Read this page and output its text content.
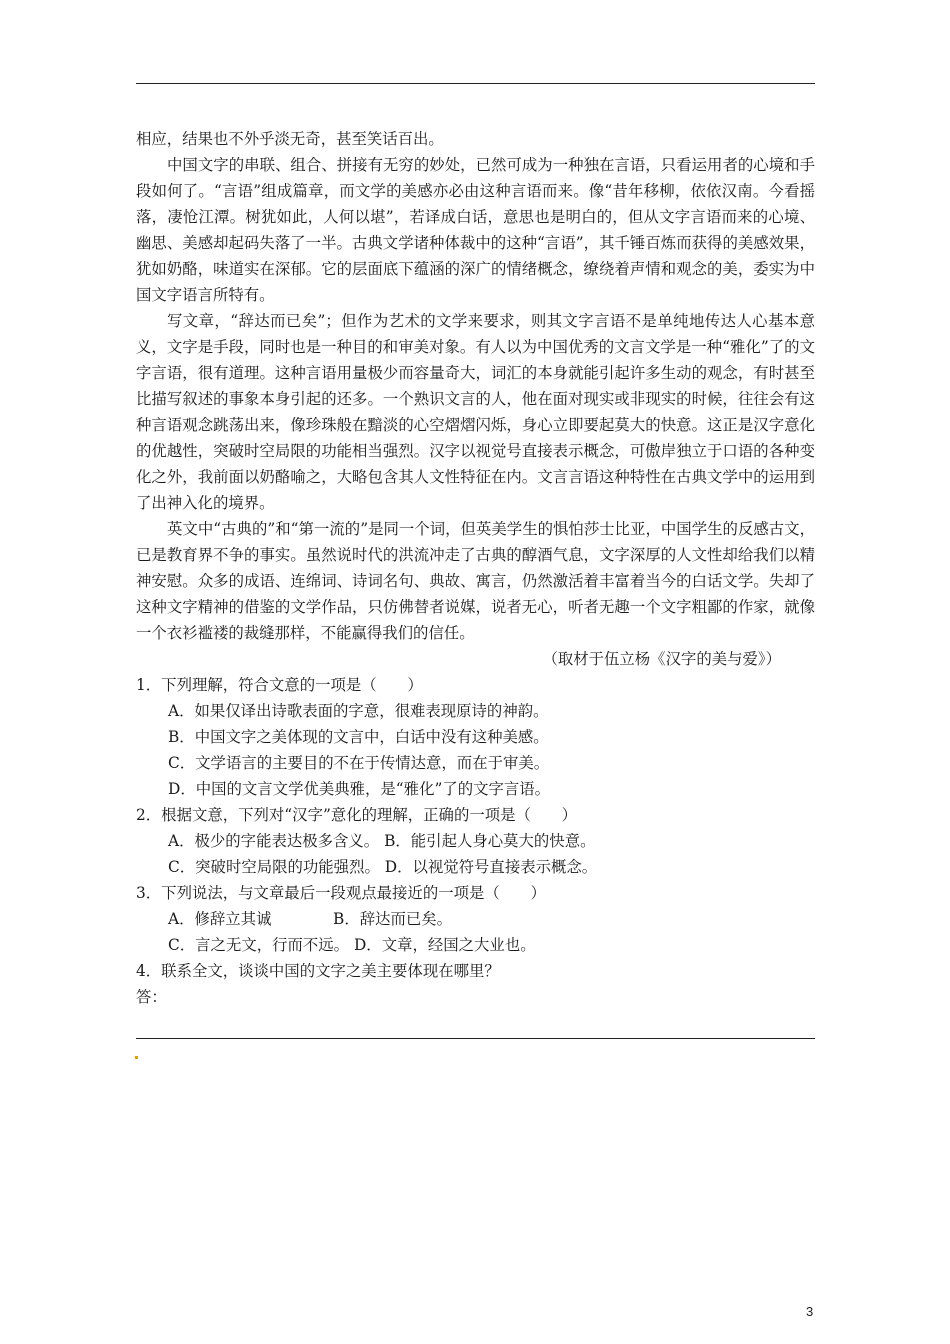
相应，结果也不外乎淡无奇，甚至笑话百出。

中国文字的串联、组合、拼接有无穷的妙处，已然可成为一种独在言语，只看运用者的心境和手段如何了。“言语”组成篇章，而文学的美感亦必由这种言语而来。像“昔年移柳，依依汉南。今看摇落，凄怆江潭。树犹如此，人何以堪”，若译成白话，意思也是明白的，但从文字言语而来的心境、幽思、美感却起码失落了一半。古典文学诸种体裁中的这种“言语”，其千锤百炼而获得的美感效果，犹如奶酪，味道实在深郁。它的层面底下蕴涵的深广的情绪概念，缭绕着声情和观念的美，委实为中国文字语言所特有。

写文章，“辞达而已矣”；但作为艺术的文学来要求，则其文字言语不是单纯地传达人心基本意义，文字是手段，同时也是一种目的和审美对象。有人以为中国优秀的文言文学是一种“雅化”了的文字言语，很有道理。这种言语用量极少而容量奇大，词汇的本身就能引起许多生动的观念，有时甚至比描写叙述的事象本身引起的还多。一个熟识文言的人，他在面对现实或非现实的时候，往往会有这种言语观念跳荡出来，像珍珠般在黯淡的心空熠熠闪烁，身心立即要起莫大的快意。这正是汉字意化的优越性，突破时空局限的功能相当强烈。汉字以视觉号直接表示概念，可傲岸独立于口语的各种变化之外，我前面以奶酪喻之，大略包含其人文性特征在内。文言言语这种特性在古典文学中的运用到了出神入化的境界。

英文中“古典的”和“第一流的”是同一个词，但英美学生的惧怕莎士比亚，中国学生的反感古文，已是教育界不争的事实。虽然说时代的洪流冲走了古典的醇酒气息，文字深厚的人文性却给我们以精神安慰。众多的成语、连绵词、诗词名句、典故、寓言，仍然激活着丰富着当今的白话文学。失却了这种文字精神的借鉴的文学作品，只仿佛替者说媒，说者无心，听者无趣一个文字粗鄙的作家，就像一个衣衫褴褛的裁缝那样，不能赢得我们的信任。

（取材于伍立杨《汉字的美与爱》）

1．下列理解，符合文意的一项是（　　）

A．如果仅译出诗歌表面的字意，很难表现原诗的神韵。

B．中国文字之美体现的文言中，白话中没有这种美感。

C．文学语言的主要目的不在于传情达意，而在于审美。

D．中国的文言文学优美典雅，是“雅化”了的文字言语。

2．根据文意，下列对“汉字”意化的理解，正确的一项是（　　）

A．极少的字能表达极多含义。 B．能引起人身心莫大的快意。

C．突破时空局限的功能强烈。 D．以视觉符号直接表示概念。

3．下列说法，与文章最后一段观点最接近的一项是（　　）

A．修辞立其诚　　　　B．辞达而已矣。

C．言之无文，行而不远。 D．文章，经国之大业也。

4．联系全文，谈谈中国的文字之美主要体现在哪里？

答：

3
